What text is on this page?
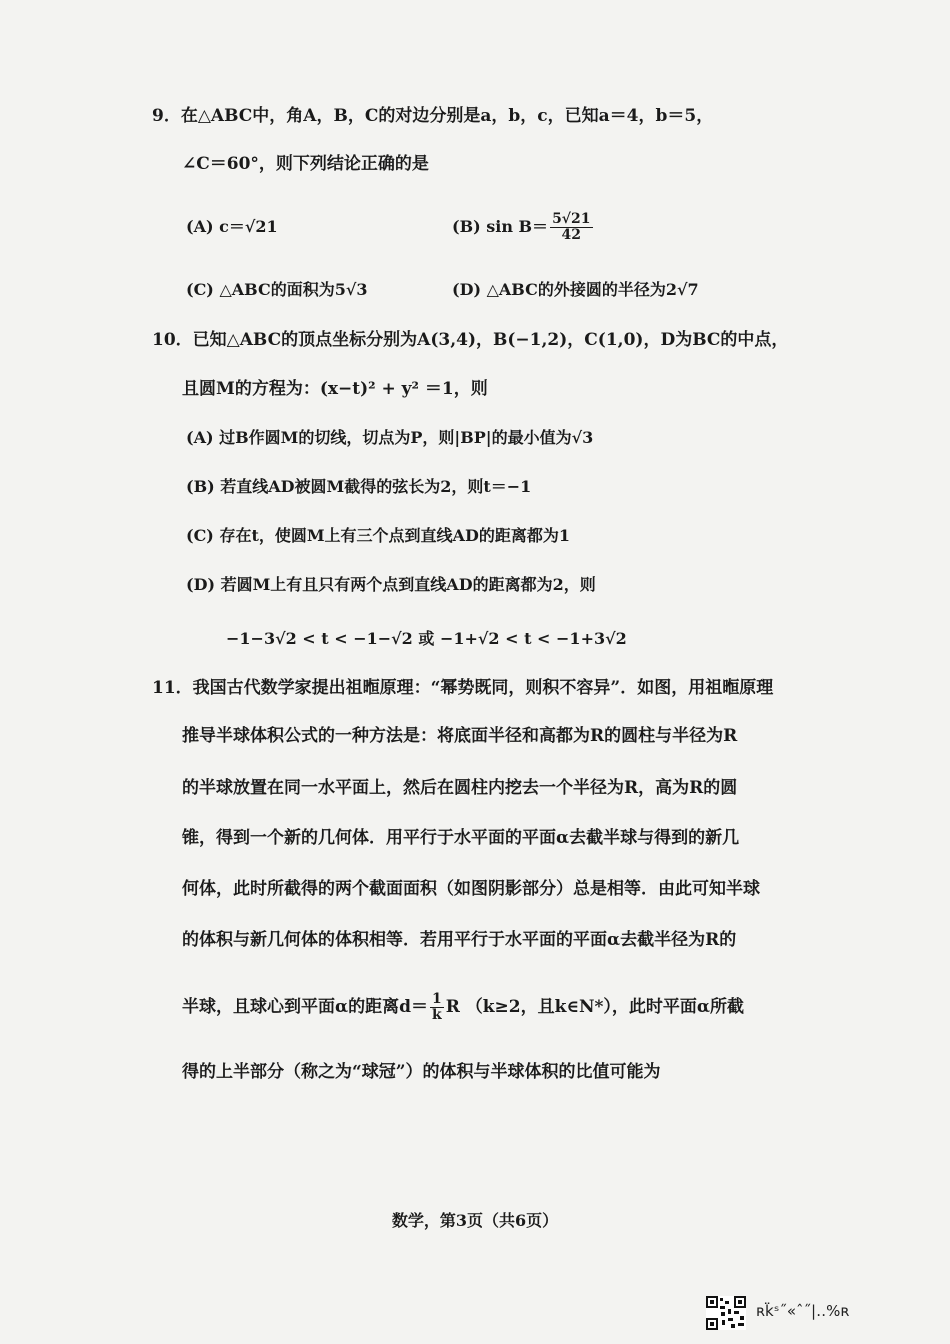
9．在△ABC中，角A，B，C的对边分别是a，b，c，已知a＝4，b＝5，
∠C＝60°，则下列结论正确的是
(A) c＝√21	(B) $\sin B= \frac{5√21}{42}$
(C) △ABC的面积为5√3	(D) △ABC的外接圆的半径为2√7
10．已知△ABC的顶点坐标分别为A(3,4)，B(−1,2)，C(1,0)，D为BC的中点，
且圆M的方程为：(x−t)² + y² ＝1，则
(A) 过B作圆M的切线，切点为P，则|BP|的最小值为√3
(B) 若直线AD被圆M截得的弦长为2，则t＝−1
(C) 存在t，使圆M上有三个点到直线AD的距离都为1
(D) 若圆M上有且只有两个点到直线AD的距离都为2，则
−1−3√2 < t < −1−√2 或 −1+√2 < t < −1+3√2
11．我国古代数学家提出祖暅原理：“幂势既同，则积不容异”．如图，用祖暅原理
推导半球体积公式的一种方法是：将底面半径和高都为R的圆柱与半径为R
的半球放置在同一水平面上，然后在圆柱内挖去一个半径为R，高为R的圆
锥，得到一个新的几何体．用平行于水平面的平面α去截半球与得到的新几
何体，此时所截得的两个截面面积（如图阴影部分）总是相等．由此可知半球
的体积与新几何体的体积相等．若用平行于水平面的平面α去截半径为R的
半球，且球心到平面α的距离$d= \frac{1}{k}$ R （k≥2，且k∈N*），此时平面α所截
得的上半部分（称之为“球冠”）的体积与半球体积的比值可能为
数学，第3页（共6页）
ʀk̈ˢ˝«ˆ˝|‥%ʀ
